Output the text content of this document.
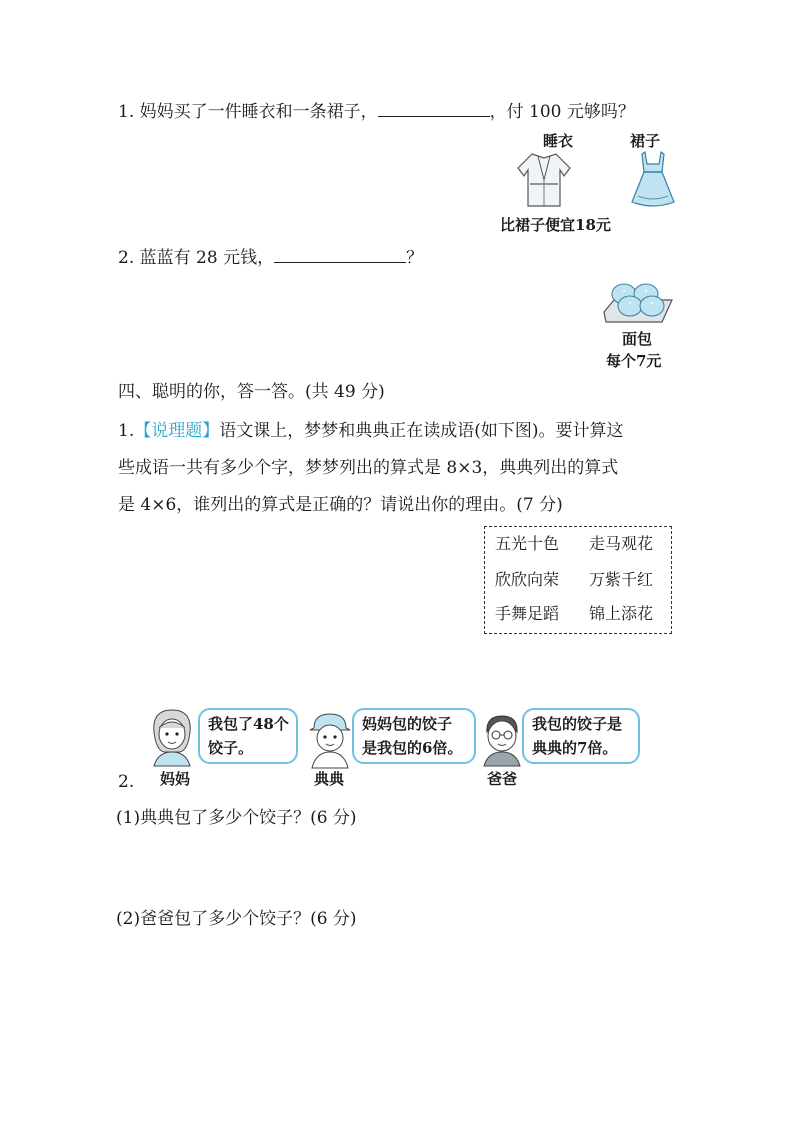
1. 妈妈买了一件睡衣和一条裙子，	，付 100 元够吗？
睡衣	裙子
比裙子便宜18元
2. 蓝蓝有 28 元钱，	？
面包
每个7元
四、聪明的你，答一答。(共 49 分)
1.【说理题】语文课上，梦梦和典典正在读成语(如下图)。要计算这
些成语一共有多少个字，梦梦列出的算式是 8×3，典典列出的算式
是 4×6，谁列出的算式是正确的？请说出你的理由。(7 分)
五光十色 走马观花
欣欣向荣 万紫千红
手舞足蹈 锦上添花
我包了48个
饺子。
妈妈
妈妈包的饺子
是我包的6倍。
典典
我包的饺子是
典典的7倍。
爸爸
2.
(1)典典包了多少个饺子？(6 分)
(2)爸爸包了多少个饺子？(6 分)
